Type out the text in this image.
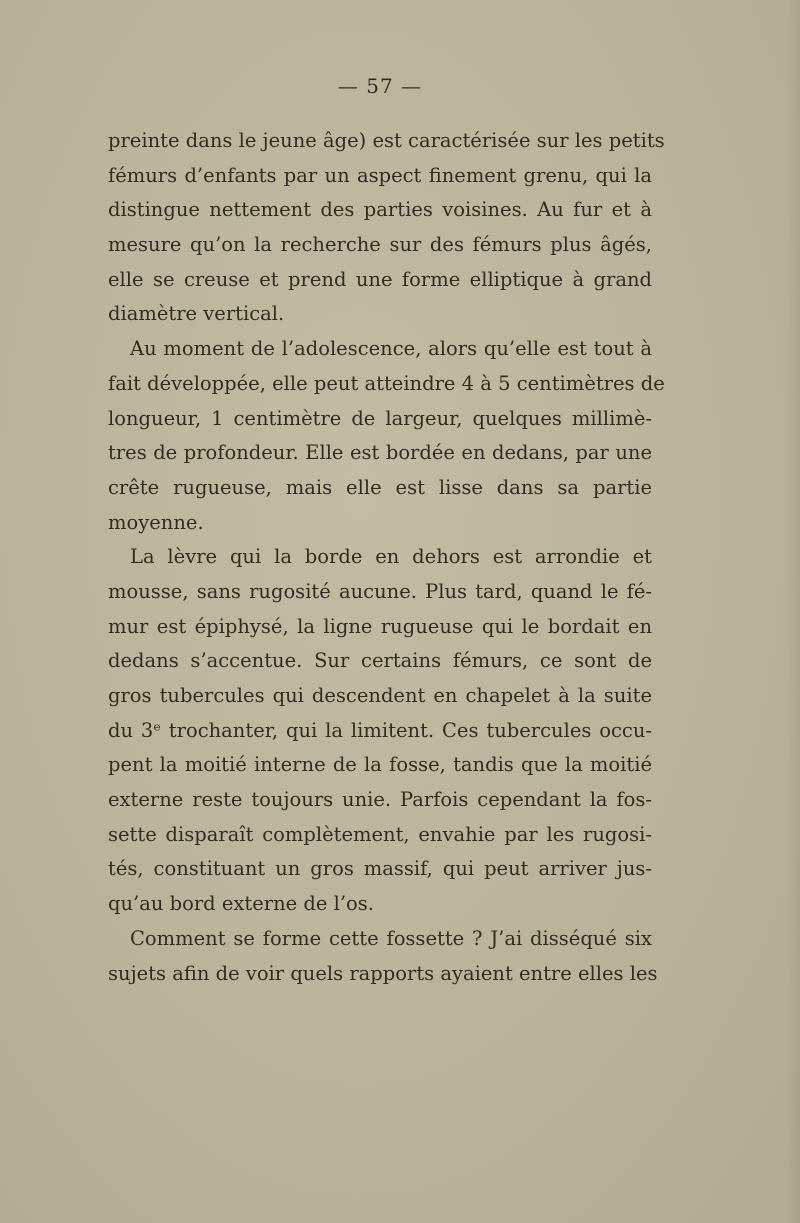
— 57 —
preinte dans le jeune âge) est caractérisée sur les petits
fémurs d’enfants par un aspect finement grenu, qui la
distingue nettement des parties voisines. Au fur et à
mesure qu’on la recherche sur des fémurs plus âgés,
elle se creuse et prend une forme elliptique à grand
diamètre vertical.
Au moment de l’adolescence, alors qu’elle est tout à
fait développée, elle peut atteindre 4 à 5 centimètres de
longueur, 1 centimètre de largeur, quelques millimè-
tres de profondeur. Elle est bordée en dedans, par une
crête rugueuse, mais elle est lisse dans sa partie
moyenne.
La lèvre qui la borde en dehors est arrondie et
mousse, sans rugosité aucune. Plus tard, quand le fé-
mur est épiphysé, la ligne rugueuse qui le bordait en
dedans s’accentue. Sur certains fémurs, ce sont de
gros tubercules qui descendent en chapelet à la suite
du 3ᵉ trochanter, qui la limitent. Ces tubercules occu-
pent la moitié interne de la fosse, tandis que la moitié
externe reste toujours unie. Parfois cependant la fos-
sette disparaît complètement, envahie par les rugosi-
tés, constituant un gros massif, qui peut arriver jus-
qu’au bord externe de l’os.
Comment se forme cette fossette ? J’ai disséqué six
sujets afin de voir quels rapports ayaient entre elles les
